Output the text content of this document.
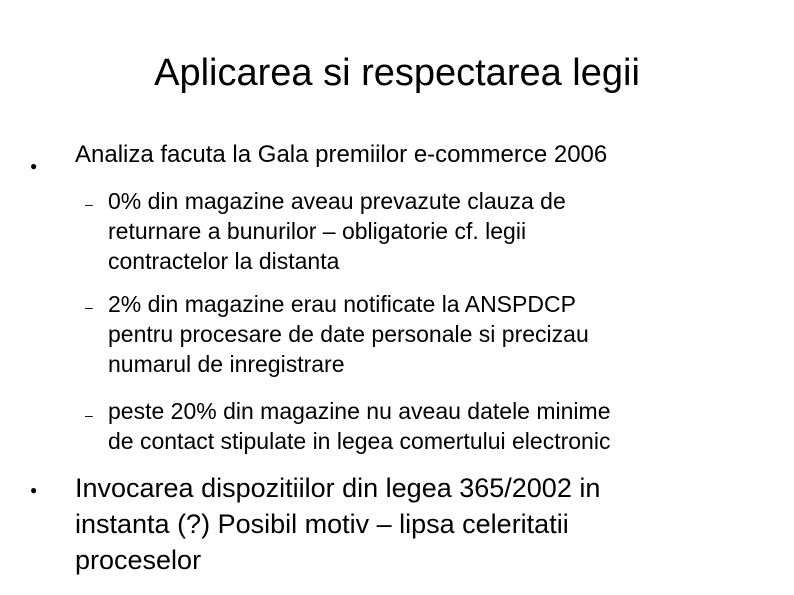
Aplicarea si respectarea legii
● Analiza facuta la Gala premiilor e-commerce 2006

– 0% din magazine aveau prevazute clauza de
returnare a bunurilor – obligatorie cf. legii
contractelor la distanta
– 2% din magazine erau notificate la ANSPDCP
pentru procesare de date personale si precizau
numarul de inregistrare
– peste 20% din magazine nu aveau datele minime
de contact stipulate in legea comertului electronic
● Invocarea dispozitiilor din legea 365/2002 in
instanta (?) Posibil motiv – lipsa celeritatii
proceselor
